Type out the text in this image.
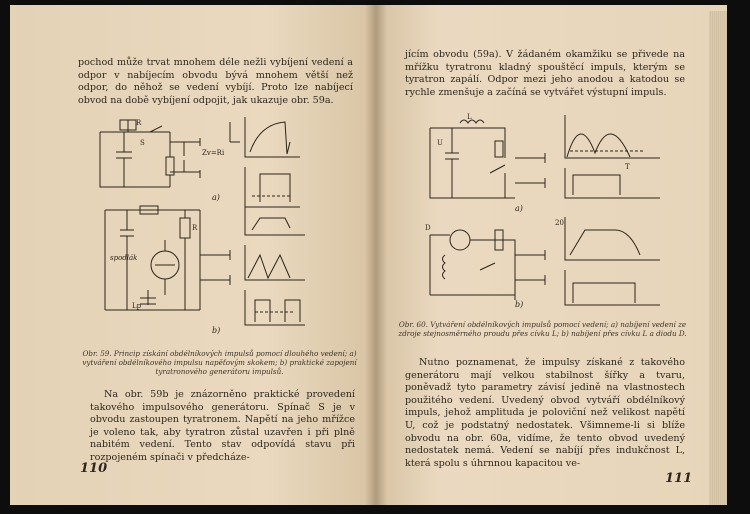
pochod může trvat mnohem déle nežli vybíjení vedení a odpor v nabíjecím obvodu bývá mnohem větší než odpor, do něhož se vedení vybíjí. Proto lze nabíjecí obvod na době vybíjení odpojit, jak ukazuje obr. 59a.

R
S
Zv=Ri
a)
spodlák
Lp
R
b)

Obr. 59. Princip získání obdélníkových impulsů pomocí dlouhého vedení; a) vytváření obdélníkového impulsu napěťovým skokem; b) praktické zapojení tyratronového generátoru impulsů.

Na obr. 59b je znázorněno praktické provedení takového impulsového generátoru. Spínač S je v obvodu zastoupen tyratronem. Napětí na jeho mřížce je voleno tak, aby tyratron zůstal uzavřen i při plně nabitém vedení. Tento stav odpovídá stavu při rozpojeném spínači v předcháze-

110

jícím obvodu (59a). V žádaném okamžiku se přivede na mřížku tyratronu kladný spouštěcí impuls, kterým se tyratron zapálí. Odpor mezi jeho anodou a katodou se rychle zmenšuje a začíná se vytvářet výstupní impuls.

L
U
a)
T
D
b)
20

Obr. 60. Vytváření obdélníkových impulsů pomocí vedení; a) nabíjení vedení ze zdroje stejnosměrného proudu přes cívku L; b) nabíjení přes cívku L a diodu D.

Nutno poznamenat, že impulsy získané z takového generátoru mají velkou stabilnost šířky a tvaru, poněvadž tyto parametry závisí jedině na vlastnostech použitého vedení. Uvedený obvod vytváří obdélníkový impuls, jehož amplituda je poloviční než velikost napětí U, což je podstatný nedostatek. Všimneme-li si blíže obvodu na obr. 60a, vidíme, že tento obvod uvedený nedostatek nemá. Vedení se nabíjí přes indukčnost L, která spolu s úhrnnou kapacitou ve-

111
